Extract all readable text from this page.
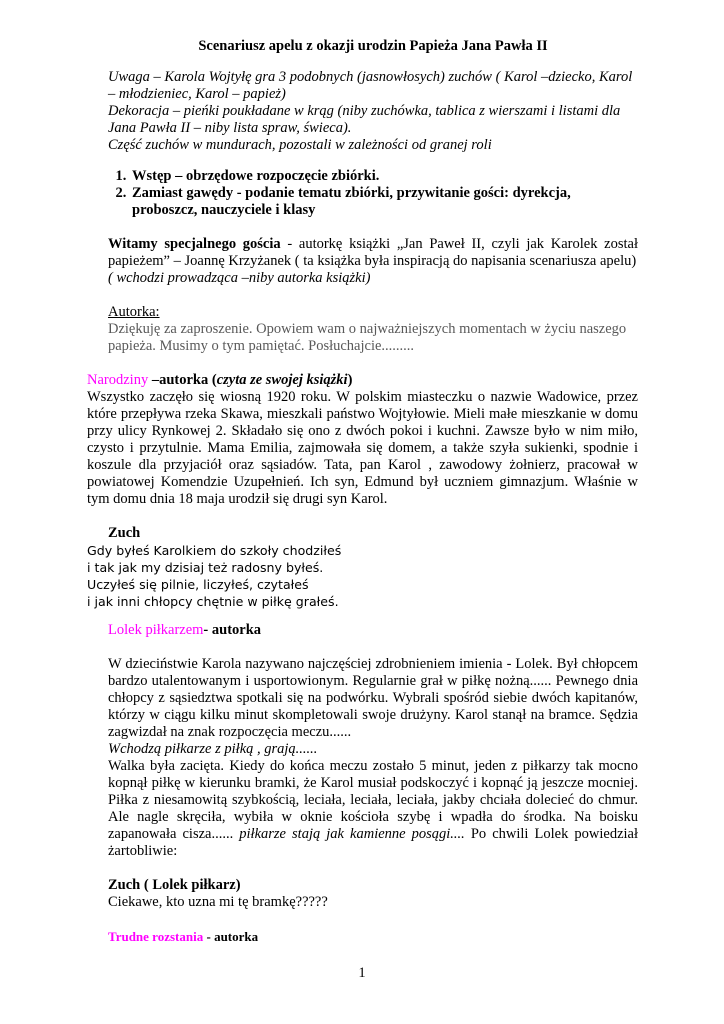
Scenariusz apelu z okazji urodzin Papieża Jana Pawła II

Uwaga – Karola Wojtyłę gra 3 podobnych (jasnowłosych) zuchów ( Karol –dziecko, Karol – młodzieniec, Karol – papież)

Dekoracja – pieńki poukładane w krąg (niby zuchówka, tablica z wierszami i listami dla Jana Pawła II – niby lista spraw, świeca).

Część zuchów w mundurach, pozostali w zależności od granej roli

1. Wstęp – obrzędowe rozpoczęcie zbiórki.
2. Zamiast gawędy - podanie tematu zbiórki, przywitanie gości: dyrekcja, proboszcz, nauczyciele i klasy

Witamy specjalnego gościa - autorkę książki „Jan Paweł II, czyli jak Karolek został papieżem” – Joannę Krzyżanek ( ta książka była inspiracją do napisania scenariusza apelu)

( wchodzi prowadząca –niby autorka książki)

Autorka:

Dziękuję za zaproszenie. Opowiem wam o najważniejszych momentach w życiu naszego papieża. Musimy o tym pamiętać. Posłuchajcie.........

Narodziny –autorka (czyta ze swojej książki)

Wszystko zaczęło się wiosną 1920 roku. W polskim miasteczku o nazwie Wadowice, przez które przepływa rzeka Skawa, mieszkali państwo Wojtyłowie. Mieli małe mieszkanie w domu przy ulicy Rynkowej 2. Składało się ono z dwóch pokoi i kuchni. Zawsze było w nim miło, czysto i przytulnie. Mama Emilia, zajmowała się domem, a także szyła sukienki, spodnie i koszule dla przyjaciół oraz sąsiadów. Tata, pan Karol , zawodowy żołnierz, pracował w powiatowej Komendzie Uzupełnień. Ich syn, Edmund był uczniem gimnazjum. Właśnie w tym domu dnia 18 maja urodził się drugi syn Karol.

Zuch

Gdy byłeś Karolkiem do szkoły chodziłeś
i tak jak my dzisiaj też radosny byłeś.
Uczyłeś się pilnie, liczyłeś, czytałeś
i jak inni chłopcy chętnie w piłkę grałeś.

Lolek piłkarzem- autorka

W dzieciństwie Karola nazywano najczęściej zdrobnieniem imienia - Lolek. Był chłopcem bardzo utalentowanym i usportowionym. Regularnie grał w piłkę nożną...... Pewnego dnia chłopcy z sąsiedztwa spotkali się na podwórku. Wybrali spośród siebie dwóch kapitanów, którzy w ciągu kilku minut skompletowali swoje drużyny. Karol stanął na bramce. Sędzia zagwizdał na znak rozpoczęcia meczu......

Wchodzą piłkarze z piłką , grają......

Walka była zacięta. Kiedy do końca meczu zostało 5 minut, jeden z piłkarzy tak mocno kopnął piłkę w kierunku bramki, że Karol musiał podskoczyć i kopnąć ją jeszcze mocniej. Piłka z niesamowitą szybkością, leciała, leciała, leciała, jakby chciała dolecieć do chmur. Ale nagle skręciła, wybiła w oknie kościoła szybę i wpadła do środka. Na boisku zapanowała cisza...... piłkarze stają jak kamienne posągi.... Po chwili Lolek powiedział żartobliwie:

Zuch ( Lolek piłkarz)

Ciekawe, kto uzna mi tę bramkę?????

Trudne rozstania - autorka

1
